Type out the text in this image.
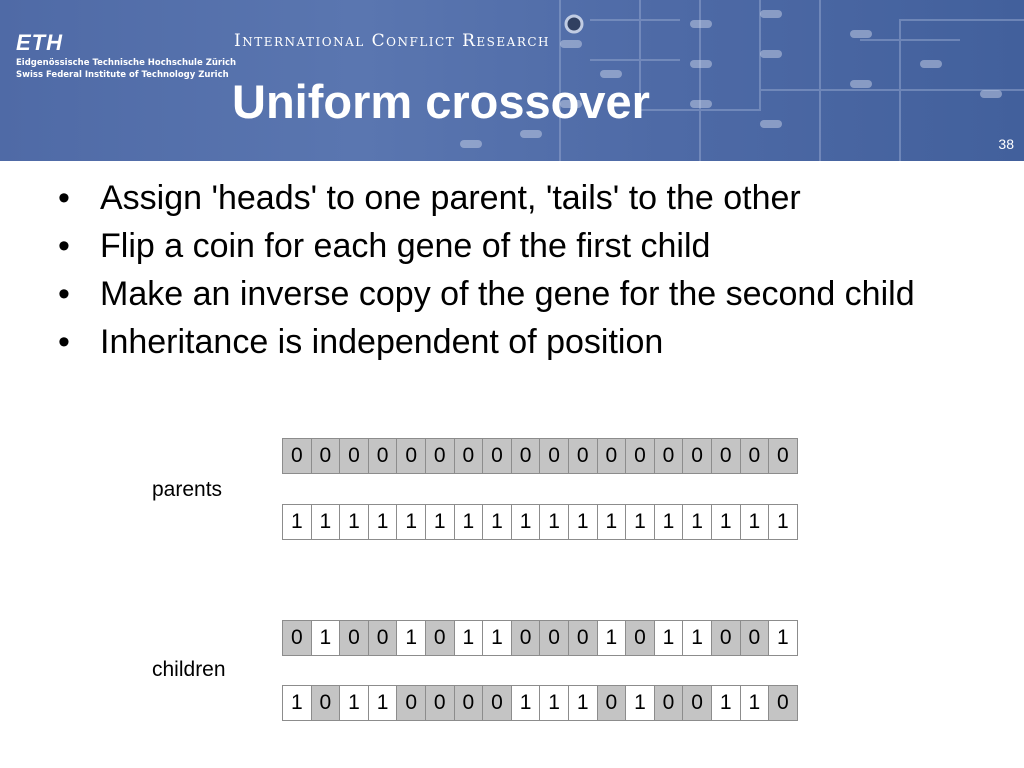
ETH
Eidgenössische Technische Hochschule Zürich
Swiss Federal Institute of Technology Zurich
International Conflict Research
Uniform crossover
38
• Assign 'heads' to one parent, 'tails' to the other
• Flip a coin for each gene of the first child
• Make an inverse copy of the gene for the second child
• Inheritance is independent of position
parents
children
0 0 0 0 0 0 0 0 0 0 0 0 0 0 0 0 0 0
1 1 1 1 1 1 1 1 1 1 1 1 1 1 1 1 1 1
0 1 0 0 1 0 1 1 0 0 0 1 0 1 1 0 0 1
1 0 1 1 0 0 0 0 1 1 1 0 1 0 0 1 1 0
